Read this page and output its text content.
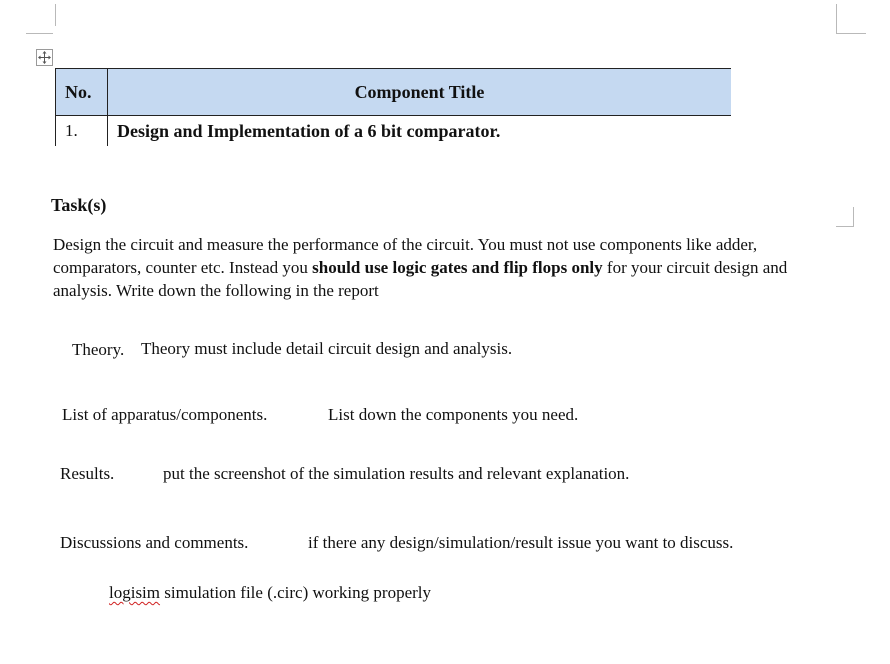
No.	Component Title
1.	Design and Implementation of a 6 bit comparator.
Task(s)
Design the circuit and measure the performance of the circuit. You must not use components like adder, comparators, counter etc. Instead you should use logic gates and flip flops only for your circuit design and analysis. Write down the following in the report
Theory. Theory must include detail circuit design and analysis.
List of apparatus/components.	List down the components you need.
Results.	put the screenshot of the simulation results and relevant explanation.
Discussions and comments.	if there any design/simulation/result issue you want to discuss.
logisim simulation file (.circ) working properly
